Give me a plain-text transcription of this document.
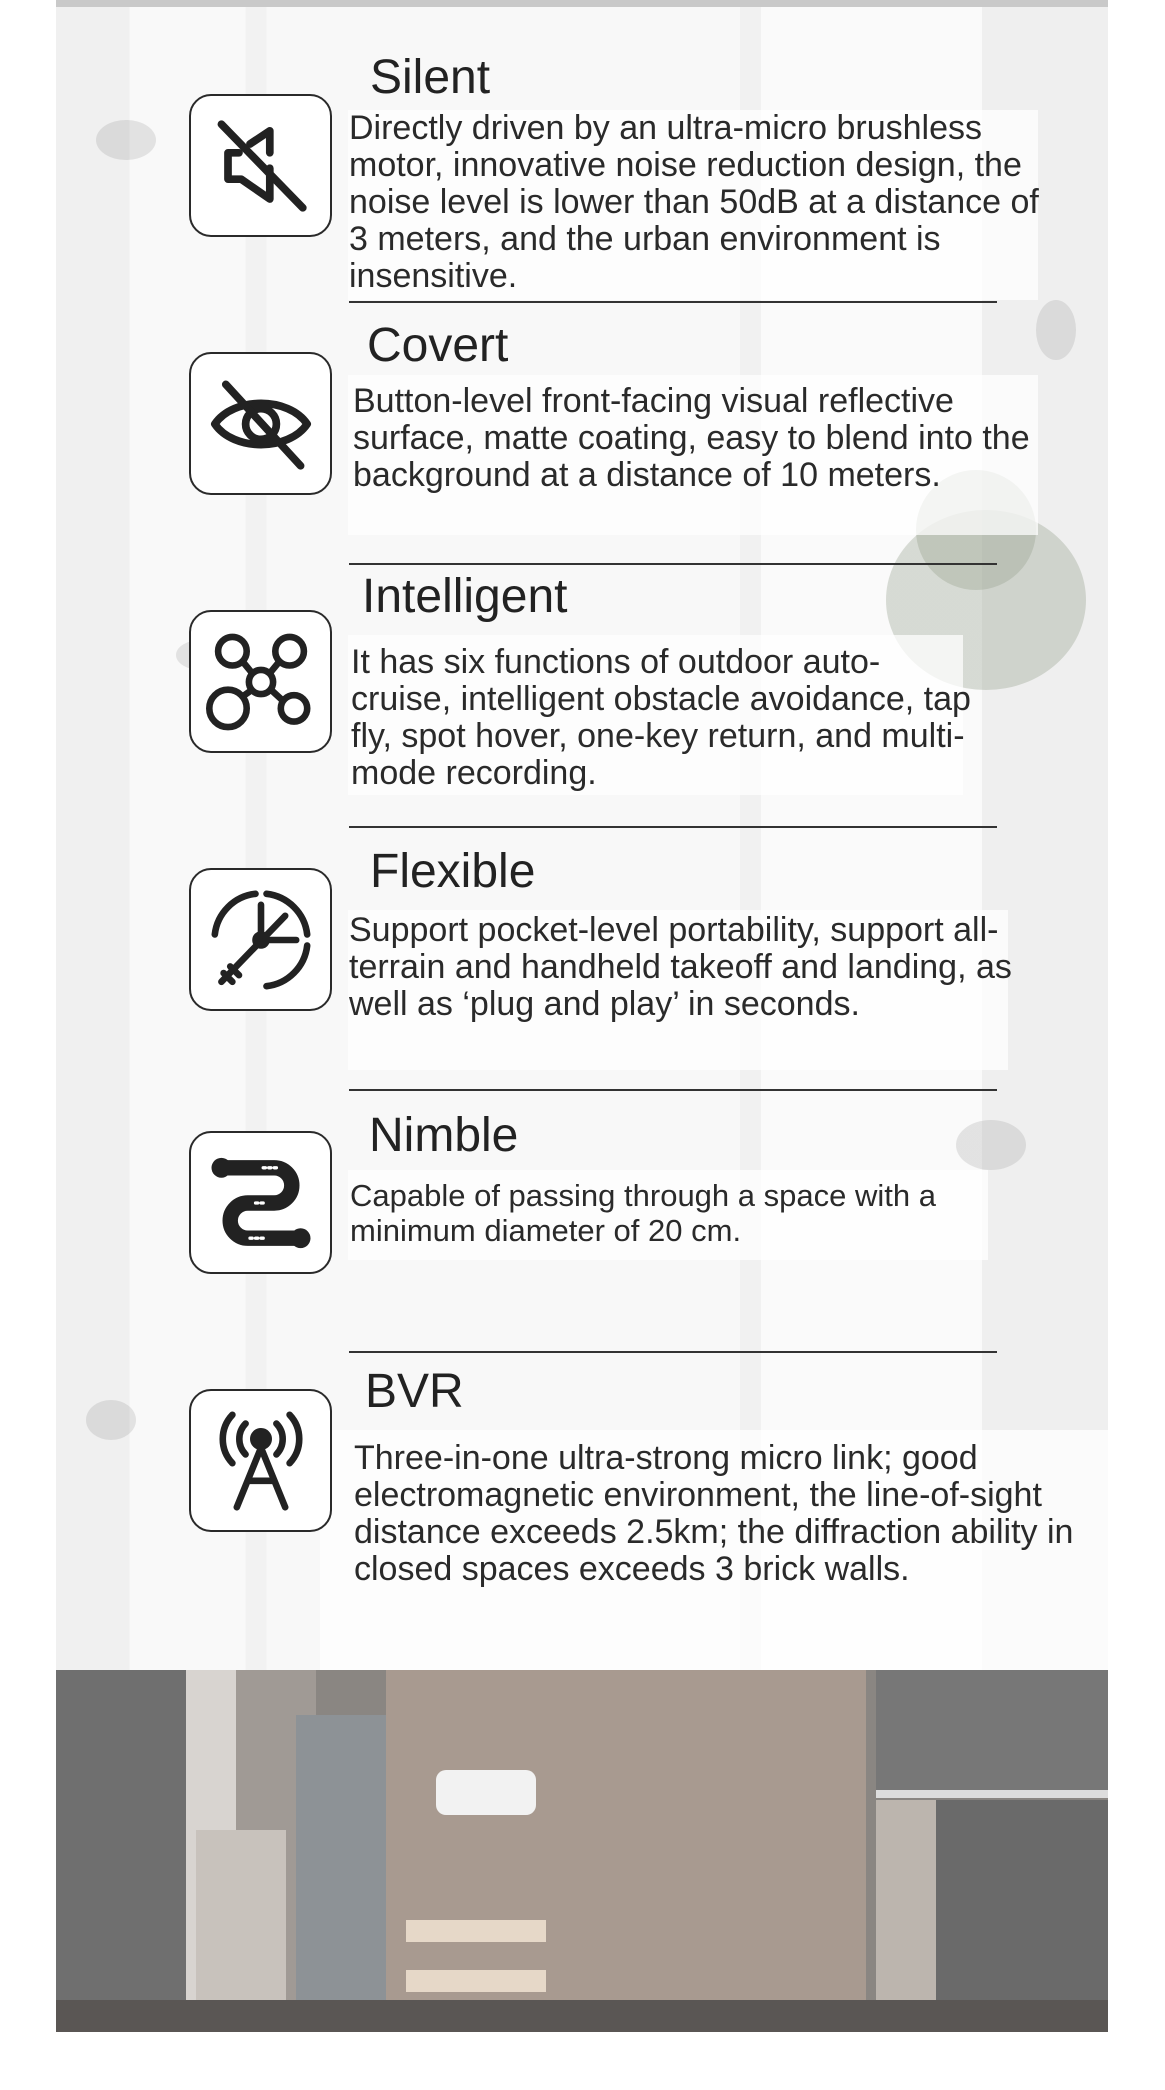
Silent
Directly driven by an ultra-micro brushless motor, innovative noise reduction design, the noise level is lower than 50dB at a distance of 3 meters, and the urban environment is insensitive.
Covert
Button-level front-facing visual reflective surface, matte coating, easy to blend into the background at a distance of 10 meters.
Intelligent
It has six functions of outdoor auto-cruise, intelligent obstacle avoidance, tap fly, spot hover, one-key return, and multi-mode recording.
Flexible
Support pocket-level portability, support all-terrain and handheld takeoff and landing, as well as ‘plug and play’ in seconds.
Nimble
Capable of passing through a space with a minimum diameter of 20 cm.
BVR
Three-in-one ultra-strong micro link; good electromagnetic environment, the line-of-sight distance exceeds 2.5km; the diffraction ability in closed spaces exceeds 3 brick walls.
